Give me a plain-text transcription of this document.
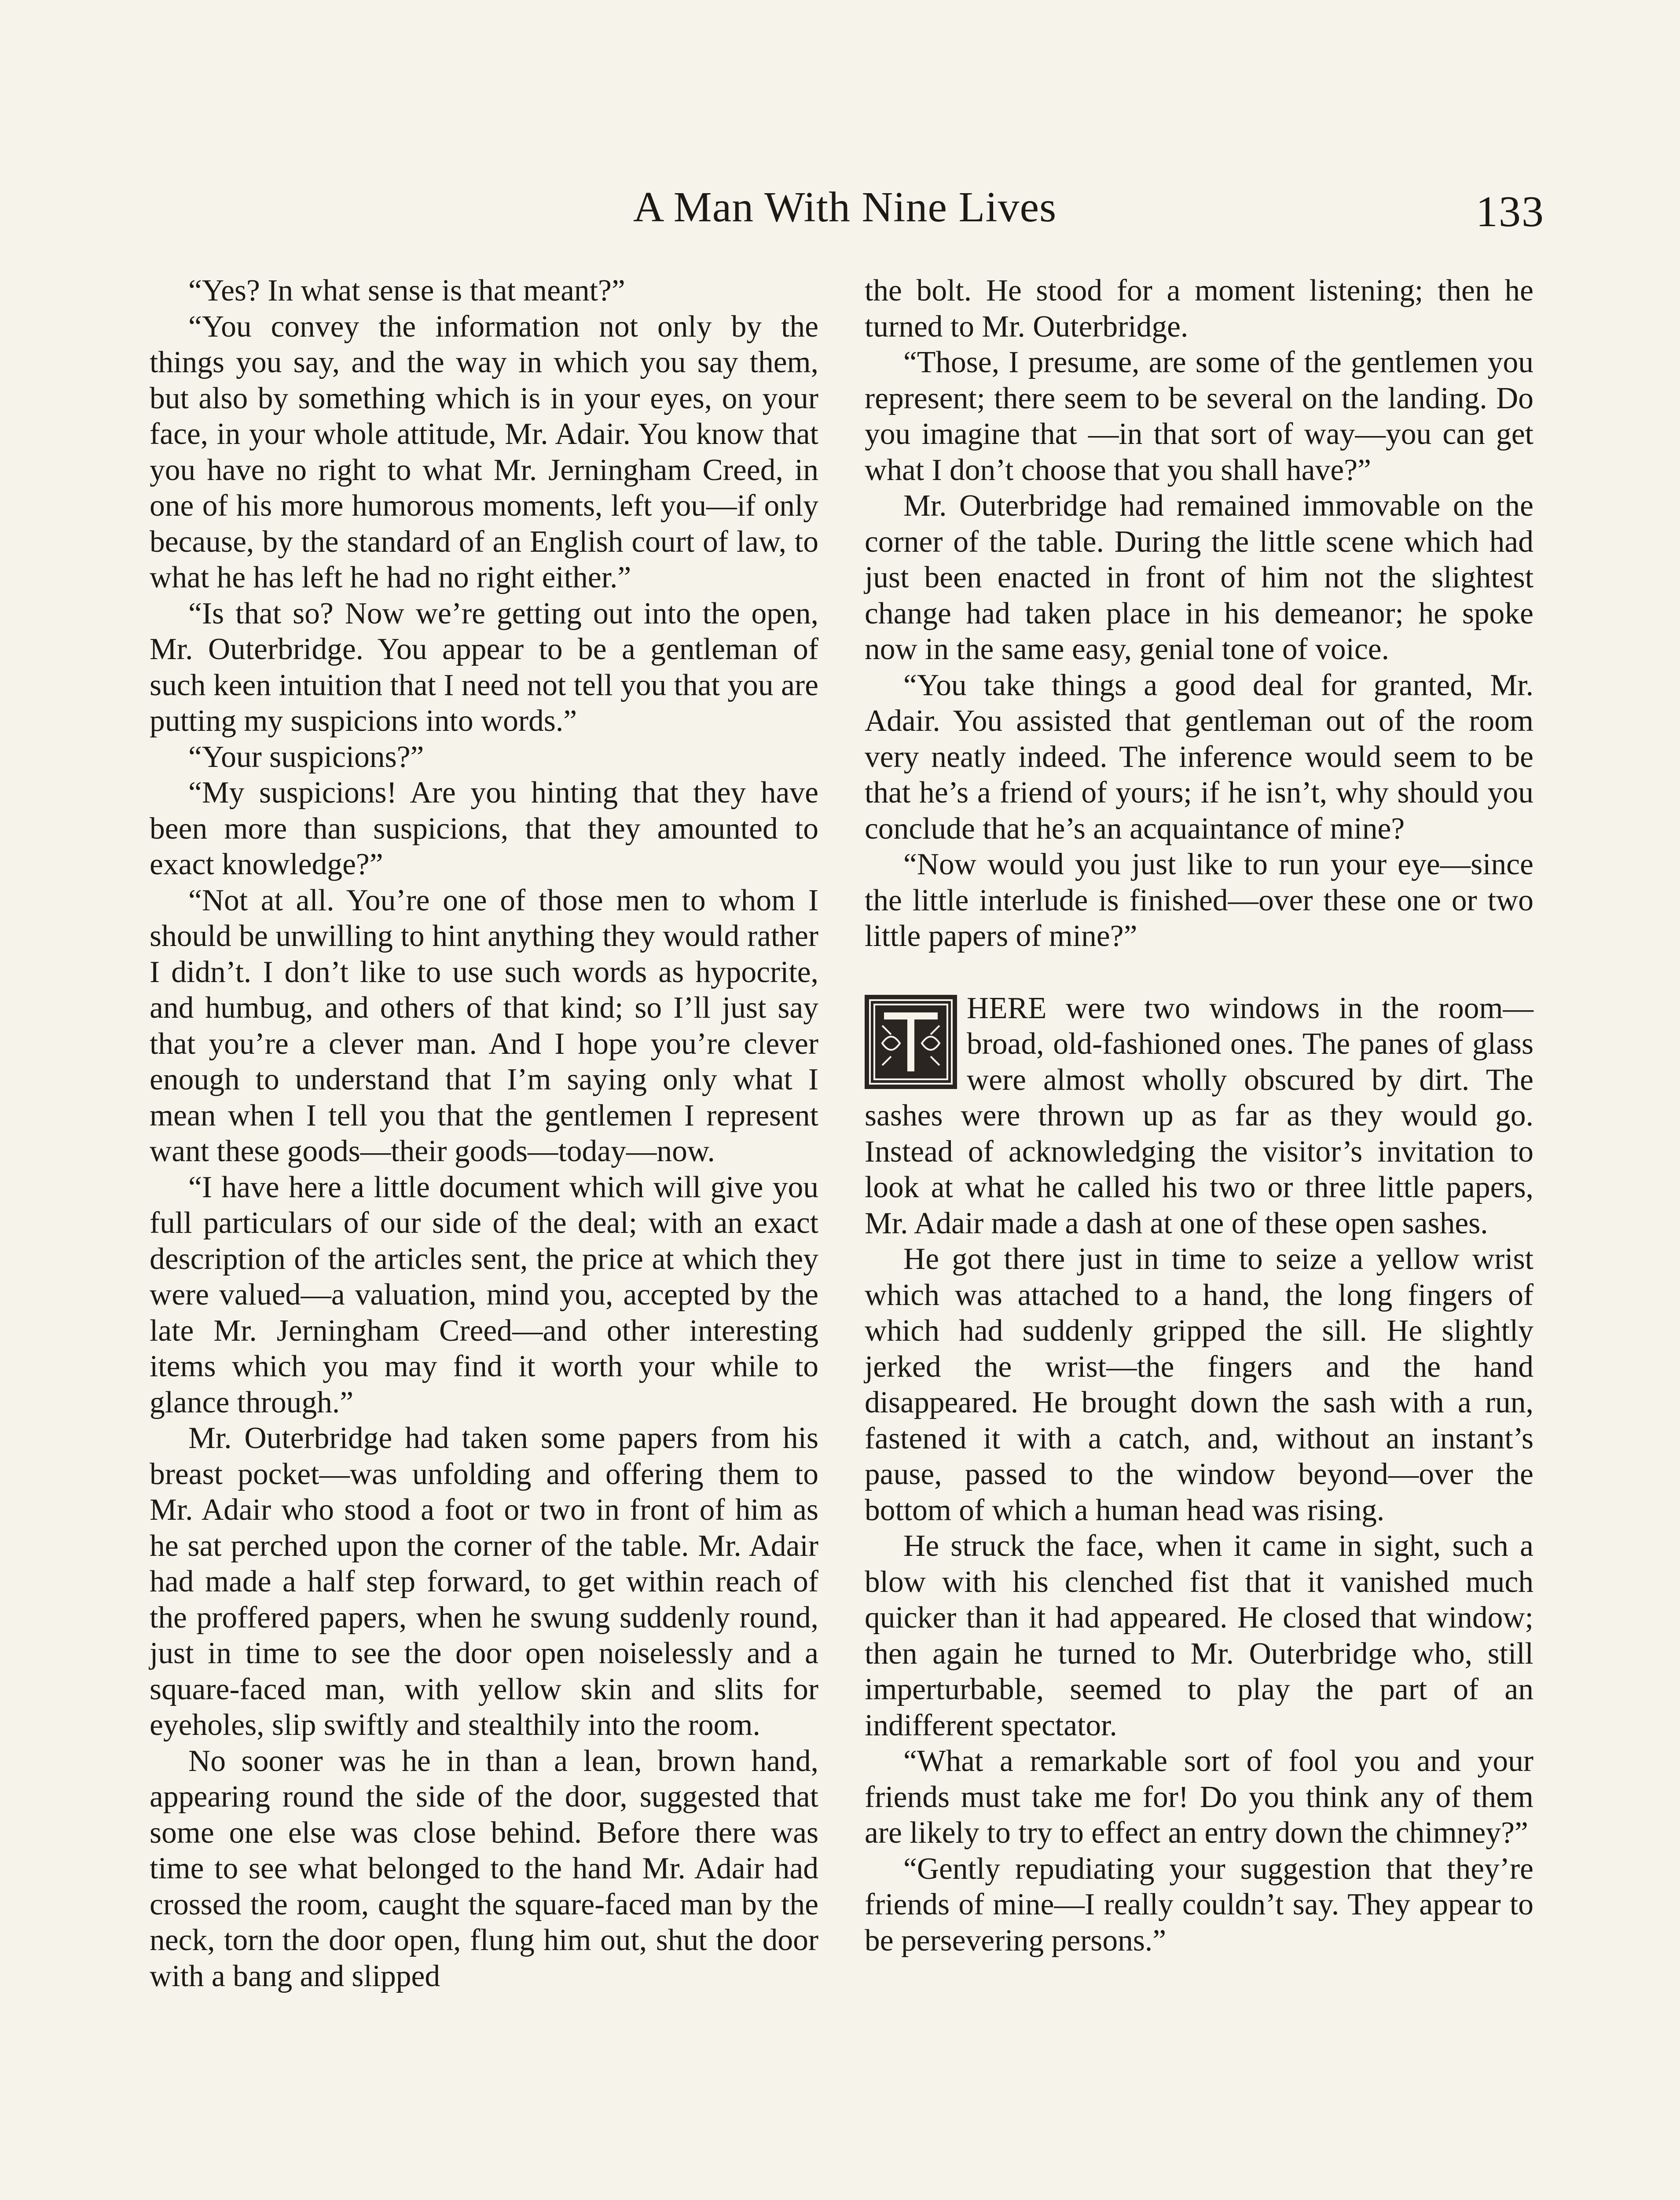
A Man With Nine Lives	133

“Yes? In what sense is that meant?”

“You convey the information not only by the things you say, and the way in which you say them, but also by something which is in your eyes, on your face, in your whole attitude, Mr. Adair. You know that you have no right to what Mr. Jerningham Creed, in one of his more humorous moments, left you—if only because, by the standard of an English court of law, to what he has left he had no right either.”

“Is that so? Now we’re getting out into the open, Mr. Outerbridge. You appear to be a gentleman of such keen intuition that I need not tell you that you are putting my suspicions into words.”

“Your suspicions?”

“My suspicions! Are you hinting that they have been more than suspicions, that they amounted to exact knowledge?”

“Not at all. You’re one of those men to whom I should be unwilling to hint anything they would rather I didn’t. I don’t like to use such words as hypocrite, and humbug, and others of that kind; so I’ll just say that you’re a clever man. And I hope you’re clever enough to understand that I’m saying only what I mean when I tell you that the gentlemen I represent want these goods—their goods—today—now.

“I have here a little document which will give you full particulars of our side of the deal; with an exact description of the articles sent, the price at which they were valued—a valuation, mind you, accepted by the late Mr. Jerningham Creed—and other interesting items which you may find it worth your while to glance through.”

Mr. Outerbridge had taken some papers from his breast pocket—was unfolding and offering them to Mr. Adair who stood a foot or two in front of him as he sat perched upon the corner of the table. Mr. Adair had made a half step forward, to get within reach of the proffered papers, when he swung suddenly round, just in time to see the door open noiselessly and a square-faced man, with yellow skin and slits for eyeholes, slip swiftly and stealthily into the room.

No sooner was he in than a lean, brown hand, appearing round the side of the door, suggested that some one else was close behind. Before there was time to see what belonged to the hand Mr. Adair had crossed the room, caught the square-faced man by the neck, torn the door open, flung him out, shut the door with a bang and slipped

the bolt. He stood for a moment listening; then he turned to Mr. Outerbridge.

“Those, I presume, are some of the gentlemen you represent; there seem to be several on the landing. Do you imagine that —in that sort of way—you can get what I don’t choose that you shall have?”

Mr. Outerbridge had remained immovable on the corner of the table. During the little scene which had just been enacted in front of him not the slightest change had taken place in his demeanor; he spoke now in the same easy, genial tone of voice.

“You take things a good deal for granted, Mr. Adair. You assisted that gentleman out of the room very neatly indeed. The inference would seem to be that he’s a friend of yours; if he isn’t, why should you conclude that he’s an acquaintance of mine?

“Now would you just like to run your eye—since the little interlude is finished—over these one or two little papers of mine?”

HERE were two windows in the room—broad, old-fashioned ones. The panes of glass were almost wholly obscured by dirt. The sashes were thrown up as far as they would go. Instead of acknowledging the visitor’s invitation to look at what he called his two or three little papers, Mr. Adair made a dash at one of these open sashes.

He got there just in time to seize a yellow wrist which was attached to a hand, the long fingers of which had suddenly gripped the sill. He slightly jerked the wrist—the fingers and the hand disappeared. He brought down the sash with a run, fastened it with a catch, and, without an instant’s pause, passed to the window beyond—over the bottom of which a human head was rising.

He struck the face, when it came in sight, such a blow with his clenched fist that it vanished much quicker than it had appeared. He closed that window; then again he turned to Mr. Outerbridge who, still imperturbable, seemed to play the part of an indifferent spectator.

“What a remarkable sort of fool you and your friends must take me for! Do you think any of them are likely to try to effect an entry down the chimney?”

“Gently repudiating your suggestion that they’re friends of mine—I really couldn’t say. They appear to be persevering persons.”
